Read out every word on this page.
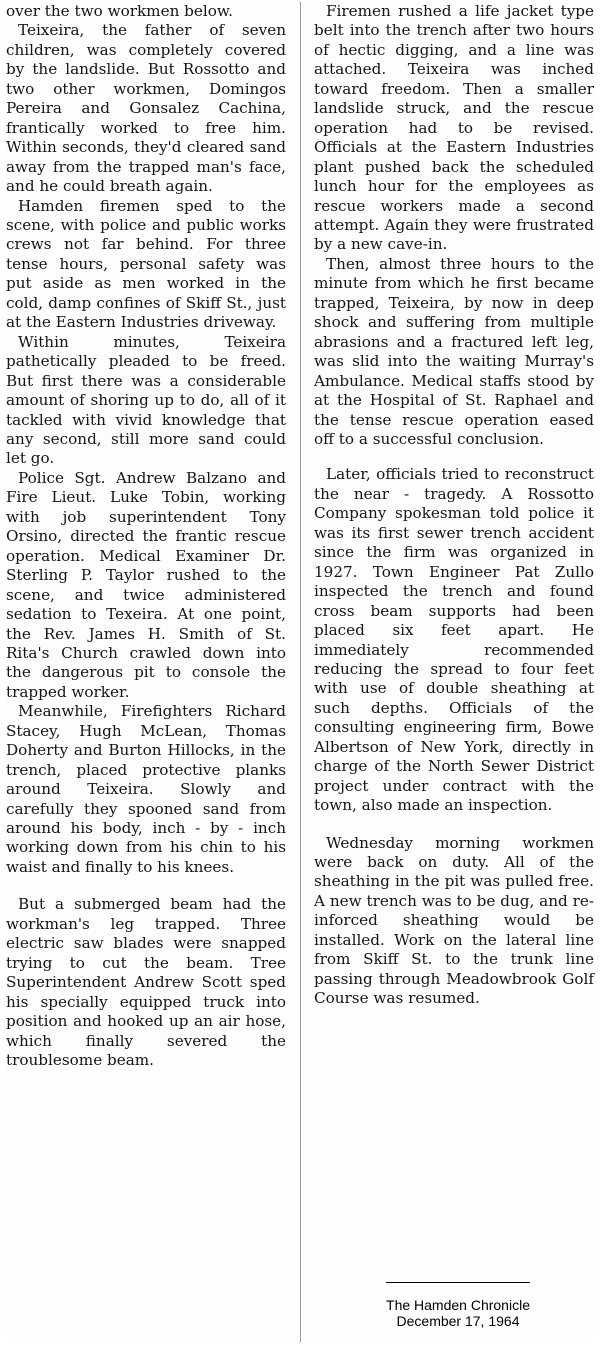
over the two workmen below.

Teixeira, the father of seven children, was completely covered by the landslide. But Rossotto and two other workmen, Domingos Pereira and Gonsalez Cachina, frantically worked to free him. Within seconds, they'd cleared sand away from the trapped man's face, and he could breath again.

Hamden firemen sped to the scene, with police and public works crews not far behind. For three tense hours, personal safety was put aside as men worked in the cold, damp confines of Skiff St., just at the Eastern Industries driveway.

Within minutes, Teixeira pathetically pleaded to be freed. But first there was a considerable amount of shoring up to do, all of it tackled with vivid knowledge that any second, still more sand could let go.

Police Sgt. Andrew Balzano and Fire Lieut. Luke Tobin, working with job superintendent Tony Orsino, directed the frantic rescue operation. Medical Examiner Dr. Sterling P. Taylor rushed to the scene, and twice administered sedation to Texeira. At one point, the Rev. James H. Smith of St. Rita's Church crawled down into the dangerous pit to console the trapped worker.

Meanwhile, Firefighters Richard Stacey, Hugh McLean, Thomas Doherty and Burton Hillocks, in the trench, placed protective planks around Teixeira. Slowly and carefully they spooned sand from around his body, inch - by - inch working down from his chin to his waist and finally to his knees.

But a submerged beam had the workman's leg trapped. Three electric saw blades were snapped trying to cut the beam. Tree Superintendent Andrew Scott sped his specially equipped truck into position and hooked up an air hose, which finally severed the troublesome beam.

Firemen rushed a life jacket type belt into the trench after two hours of hectic digging, and a line was attached. Teixeira was inched toward freedom. Then a smaller landslide struck, and the rescue operation had to be revised. Officials at the Eastern Industries plant pushed back the scheduled lunch hour for the employees as rescue workers made a second attempt. Again they were frustrated by a new cave-in.

Then, almost three hours to the minute from which he first became trapped, Teixeira, by now in deep shock and suffering from multiple abrasions and a fractured left leg, was slid into the waiting Murray's Ambulance. Medical staffs stood by at the Hospital of St. Raphael and the tense rescue operation eased off to a successful conclusion.

Later, officials tried to reconstruct the near - tragedy. A Rossotto Company spokesman told police it was its first sewer trench accident since the firm was organized in 1927. Town Engineer Pat Zullo inspected the trench and found cross beam supports had been placed six feet apart. He immediately recommended reducing the spread to four feet with use of double sheathing at such depths. Officials of the consulting engineering firm, Bowe Albertson of New York, directly in charge of the North Sewer District project under contract with the town, also made an inspection.

Wednesday morning workmen were back on duty. All of the sheathing in the pit was pulled free. A new trench was to be dug, and re-inforced sheathing would be installed. Work on the lateral line from Skiff St. to the trunk line passing through Meadowbrook Golf Course was resumed.

The Hamden Chronicle
December 17, 1964
